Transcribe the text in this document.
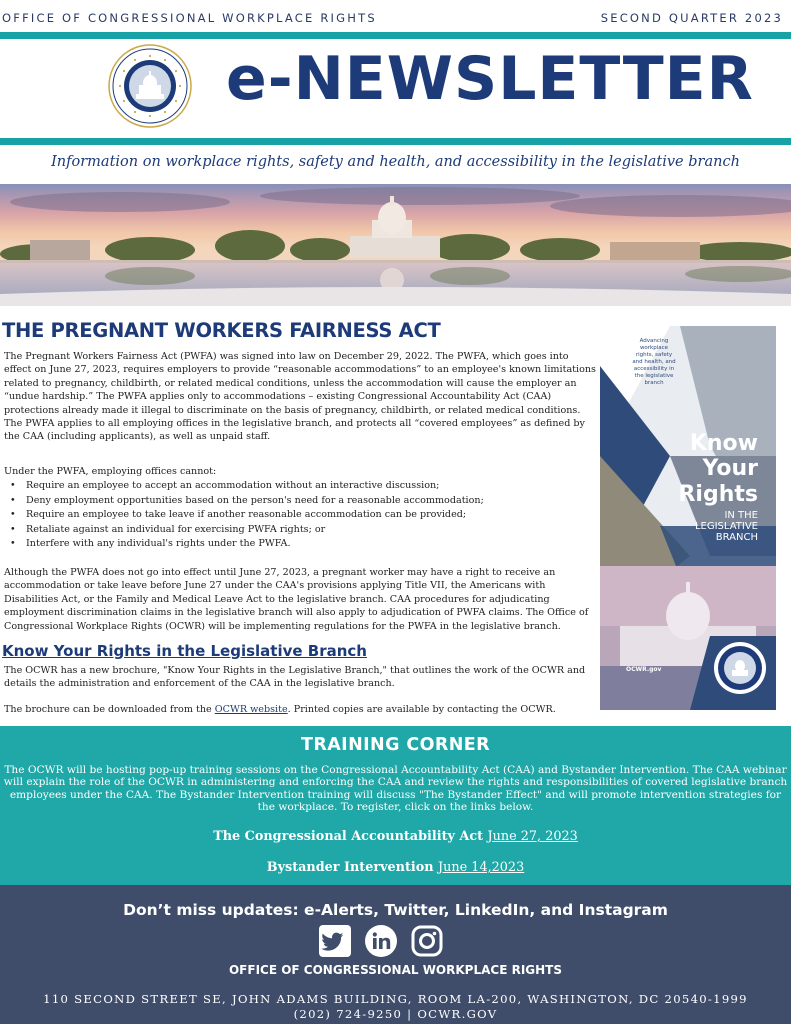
OFFICE OF CONGRESSIONAL WORKPLACE RIGHTS	SECOND QUARTER 2023
e-NEWSLETTER
Information on workplace rights, safety and health, and accessibility in the legislative branch
THE PREGNANT WORKERS FAIRNESS ACT

The Pregnant Workers Fairness Act (PWFA) was signed into law on December 29, 2022. The PWFA, which goes into effect on June 27, 2023, requires employers to provide “reasonable accommodations” to an employee's known limitations related to pregnancy, childbirth, or related medical conditions, unless the accommodation will cause the employer an “undue hardship.” The PWFA applies only to accommodations – existing Congressional Accountability Act (CAA) protections already made it illegal to discriminate on the basis of pregnancy, childbirth, or related medical conditions. The PWFA applies to all employing offices in the legislative branch, and protects all “covered employees” as defined by the CAA (including applicants), as well as unpaid staff.

Under the PWFA, employing offices cannot:

• Require an employee to accept an accommodation without an interactive discussion;
• Deny employment opportunities based on the person's need for a reasonable accommodation;
• Require an employee to take leave if another reasonable accommodation can be provided;
• Retaliate against an individual for exercising PWFA rights; or
• Interfere with any individual's rights under the PWFA.

Although the PWFA does not go into effect until June 27, 2023, a pregnant worker may have a right to receive an accommodation or take leave before June 27 under the CAA's provisions applying Title VII, the Americans with Disabilities Act, or the Family and Medical Leave Act to the legislative branch. CAA procedures for adjudicating employment discrimination claims in the legislative branch will also apply to adjudication of PWFA claims. The Office of Congressional Workplace Rights (OCWR) will be implementing regulations for the PWFA in the legislative branch.

Know Your Rights in the Legislative Branch

The OCWR has a new brochure, "Know Your Rights in the Legislative Branch," that outlines the work of the OCWR and details the administration and enforcement of the CAA in the legislative branch.

The brochure can be downloaded from the OCWR website. Printed copies are available by contacting the OCWR.

Advancing
workplace
rights, safety
and health, and
accessibility in
the legislative
branch
Know
Your
Rights
IN THE
LEGISLATIVE
BRANCH
OCWR.gov
TRAINING CORNER
The OCWR will be hosting pop-up training sessions on the Congressional Accountability Act (CAA) and Bystander Intervention. The CAA webinar will explain the role of the OCWR in administering and enforcing the CAA and review the rights and responsibilities of covered legislative branch employees under the CAA. The Bystander Intervention training will discuss "The Bystander Effect" and will promote intervention strategies for the workplace. To register, click on the links below.
The Congressional Accountability Act June 27, 2023
Bystander Intervention June 14,2023
Don’t miss updates: e-Alerts, Twitter, LinkedIn, and Instagram
OFFICE OF CONGRESSIONAL WORKPLACE RIGHTS
110 SECOND STREET SE, JOHN ADAMS BUILDING, ROOM LA-200, WASHINGTON, DC 20540-1999
(202) 724-9250 | OCWR.GOV
